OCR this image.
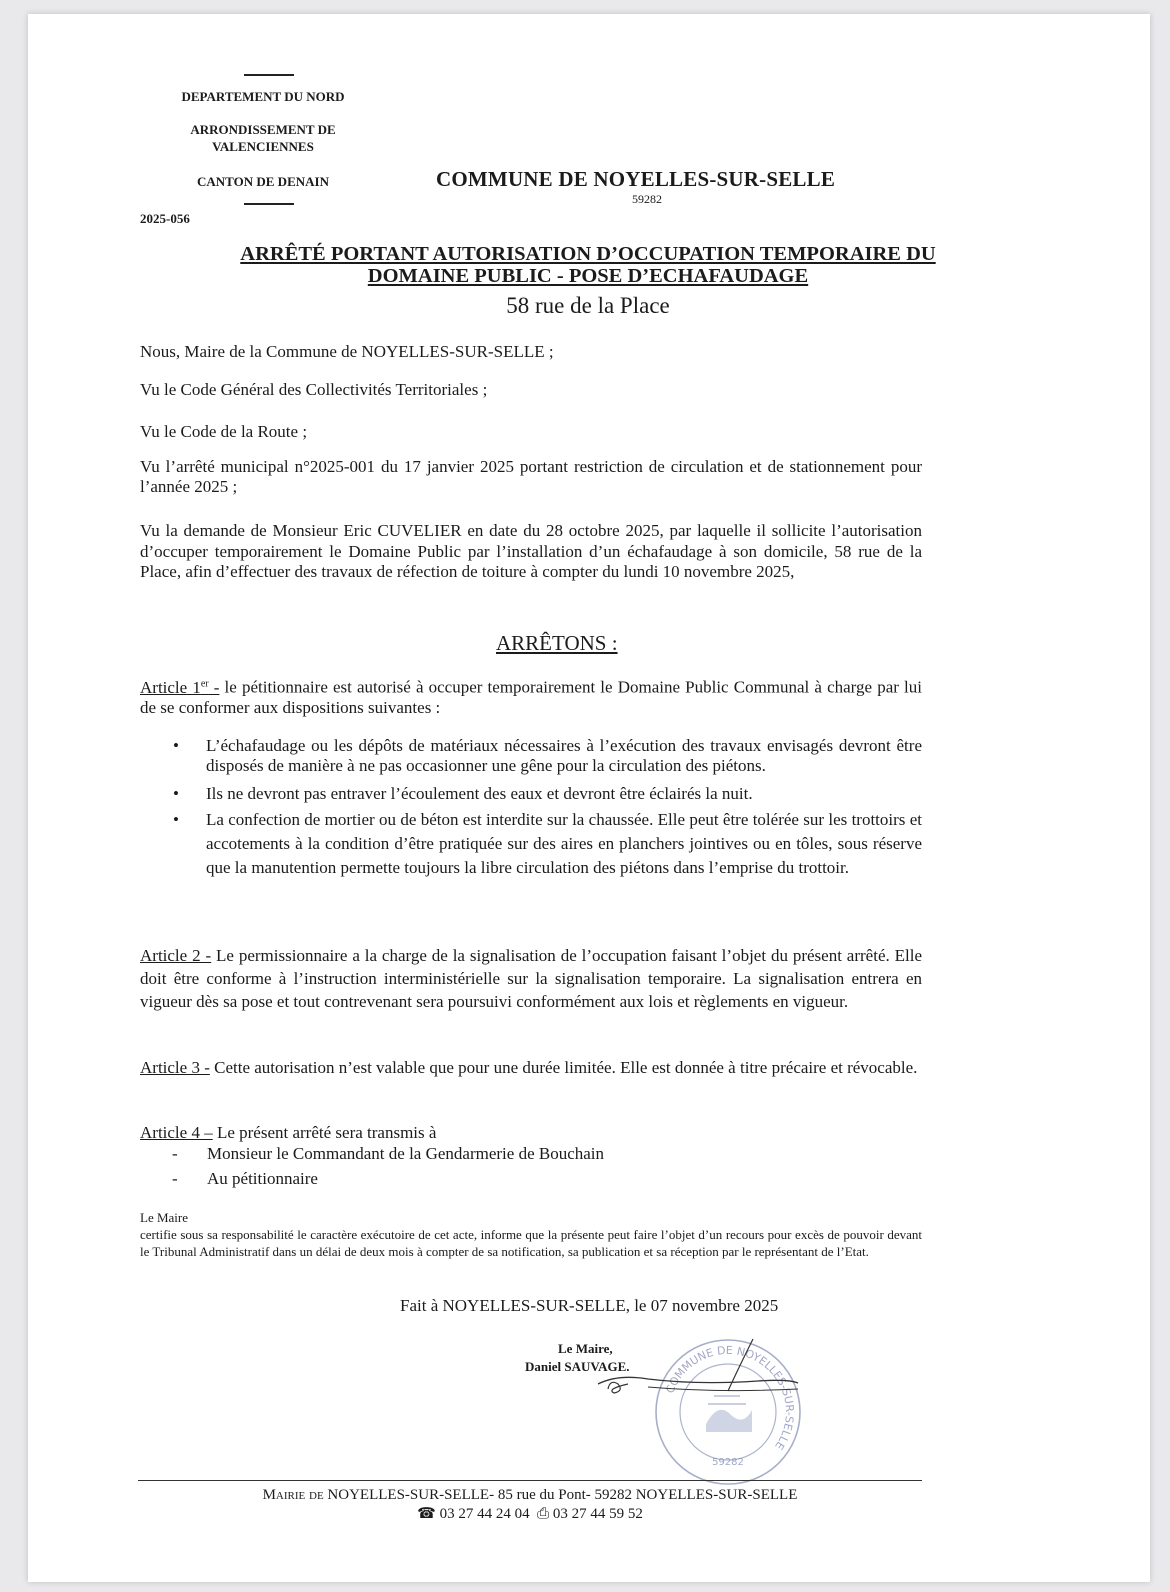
DEPARTEMENT DU NORD
ARRONDISSEMENT DE VALENCIENNES
CANTON DE DENAIN
2025-056
COMMUNE DE NOYELLES-SUR-SELLE
59282
ARRÊTÉ PORTANT AUTORISATION D’OCCUPATION TEMPORAIRE DU
DOMAINE PUBLIC - POSE D’ECHAFAUDAGE
58 rue de la Place
Nous, Maire de la Commune de NOYELLES-SUR-SELLE ;
Vu le Code Général des Collectivités Territoriales ;
Vu le Code de la Route ;
Vu l’arrêté municipal n°2025-001 du 17 janvier 2025 portant restriction de circulation et de stationnement pour l’année 2025 ;
Vu la demande de Monsieur Eric CUVELIER en date du 28 octobre 2025, par laquelle il sollicite l’autorisation d’occuper temporairement le Domaine Public par l’installation d’un échafaudage à son domicile, 58 rue de la Place, afin d’effectuer des travaux de réfection de toiture à compter du lundi 10 novembre 2025,
ARRÊTONS :
Article 1er - le pétitionnaire est autorisé à occuper temporairement le Domaine Public Communal à charge par lui de se conformer aux dispositions suivantes :
• L’échafaudage ou les dépôts de matériaux nécessaires à l’exécution des travaux envisagés devront être disposés de manière à ne pas occasionner une gêne pour la circulation des piétons.
• Ils ne devront pas entraver l’écoulement des eaux et devront être éclairés la nuit.
• La confection de mortier ou de béton est interdite sur la chaussée. Elle peut être tolérée sur les trottoirs et accotements à la condition d’être pratiquée sur des aires en planchers jointives ou en tôles, sous réserve que la manutention permette toujours la libre circulation des piétons dans l’emprise du trottoir.
Article 2 - Le permissionnaire a la charge de la signalisation de l’occupation faisant l’objet du présent arrêté. Elle doit être conforme à l’instruction interministérielle sur la signalisation temporaire. La signalisation entrera en vigueur dès sa pose et tout contrevenant sera poursuivi conformément aux lois et règlements en vigueur.
Article 3 - Cette autorisation n’est valable que pour une durée limitée. Elle est donnée à titre précaire et révocable.
Article 4 – Le présent arrêté sera transmis à
- Monsieur le Commandant de la Gendarmerie de Bouchain
- Au pétitionnaire
Le Maire
certifie sous sa responsabilité le caractère exécutoire de cet acte, informe que la présente peut faire l’objet d’un recours pour excès de pouvoir devant le Tribunal Administratif dans un délai de deux mois à compter de sa notification, sa publication et sa réception par le représentant de l’Etat.
Fait à NOYELLES-SUR-SELLE, le 07 novembre 2025
Le Maire,
Daniel SAUVAGE.
COMMUNE DE NOYELLES-SUR-SELLE
59282
Mairie de NOYELLES-SUR-SELLE- 85 rue du Pont- 59282 NOYELLES-SUR-SELLE
☎ 03 27 44 24 04 ⎙ 03 27 44 59 52
